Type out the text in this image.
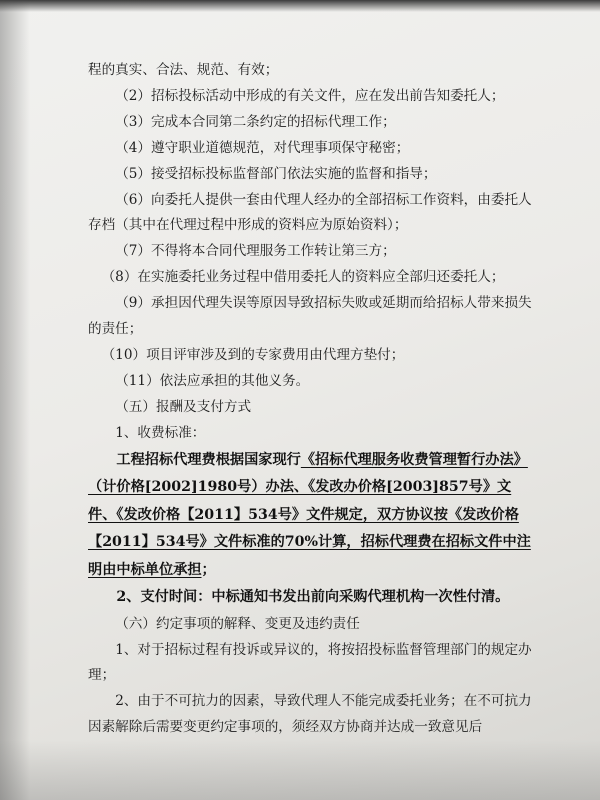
程的真实、合法、规范、有效；

（2）招标投标活动中形成的有关文件，应在发出前告知委托人；

（3）完成本合同第二条约定的招标代理工作；

（4）遵守职业道德规范，对代理事项保守秘密；

（5）接受招标投标监督部门依法实施的监督和指导；

（6）向委托人提供一套由代理人经办的全部招标工作资料，由委托人存档（其中在代理过程中形成的资料应为原始资料）；

（7）不得将本合同代理服务工作转让第三方；

（8）在实施委托业务过程中借用委托人的资料应全部归还委托人；

（9）承担因代理失误等原因导致招标失败或延期而给招标人带来损失的责任；

（10）项目评审涉及到的专家费用由代理方垫付；

（11）依法应承担的其他义务。

（五）报酬及支付方式

1、收费标准：

工程招标代理费根据国家现行《招标代理服务收费管理暂行办法》（计价格[2002]1980号）办法、《发改办价格[2003]857号》文件、《发改价格【2011】534号》文件规定，双方协议按《发改价格【2011】534号》文件标准的70%计算，招标代理费在招标文件中注明由中标单位承担；

2、支付时间：中标通知书发出前向采购代理机构一次性付清。

（六）约定事项的解释、变更及违约责任

1、对于招标过程有投诉或异议的，将按招投标监督管理部门的规定办理；

2、由于不可抗力的因素，导致代理人不能完成委托业务；在不可抗力因素解除后需要变更约定事项的，须经双方协商并达成一致意见后
